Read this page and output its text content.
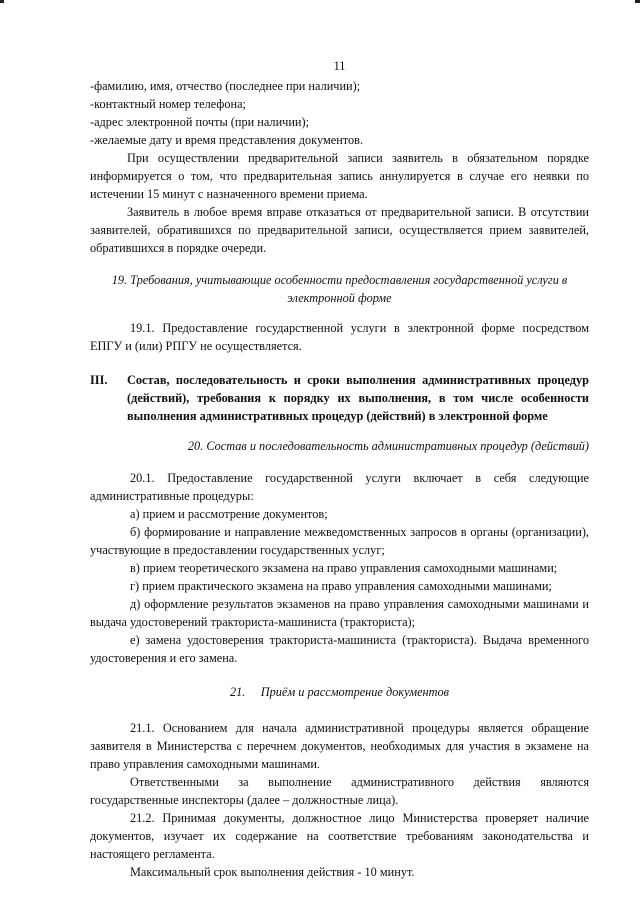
11

-фамилию, имя, отчество (последнее при наличии);

-контактный номер телефона;

-адрес электронной почты (при наличии);

-желаемые дату и время представления документов.

При осуществлении предварительной записи заявитель в обязательном порядке информируется о том, что предварительная запись аннулируется в случае его неявки по истечении 15 минут с назначенного времени приема.

Заявитель в любое время вправе отказаться от предварительной записи. В отсутствии заявителей, обратившихся по предварительной записи, осуществляется прием заявителей, обратившихся в порядке очереди.

19. Требования, учитывающие особенности предоставления государственной услуги в электронной форме

19.1. Предоставление государственной услуги в электронной форме посредством ЕПГУ и (или) РПГУ не осуществляется.

III.	Состав, последовательность и сроки выполнения административных процедур (действий), требования к порядку их выполнения, в том числе особенности выполнения административных процедур (действий) в электронной форме
20. Состав и последовательность административных процедур (действий)

20.1. Предоставление государственной услуги включает в себя следующие административные процедуры:

а) прием и рассмотрение документов;

б) формирование и направление межведомственных запросов в органы (организации), участвующие в предоставлении государственных услуг;

в) прием теоретического экзамена на право управления самоходными машинами;

г) прием практического экзамена на право управления самоходными машинами;

д) оформление результатов экзаменов на право управления самоходными машинами и выдача удостоверений тракториста-машиниста (тракториста);

е) замена удостоверения тракториста-машиниста (тракториста). Выдача временного удостоверения и его замена.

21.     Приём и рассмотрение документов

21.1. Основанием для начала административной процедуры является обращение заявителя в Министерства с перечнем документов, необходимых для участия в экзамене на право управления самоходными машинами.

Ответственными за выполнение административного действия являются государственные инспекторы (далее – должностные лица).

21.2. Принимая документы, должностное лицо Министерства проверяет наличие документов, изучает их содержание на соответствие требованиям законодательства и настоящего регламента.

Максимальный срок выполнения действия - 10 минут.
